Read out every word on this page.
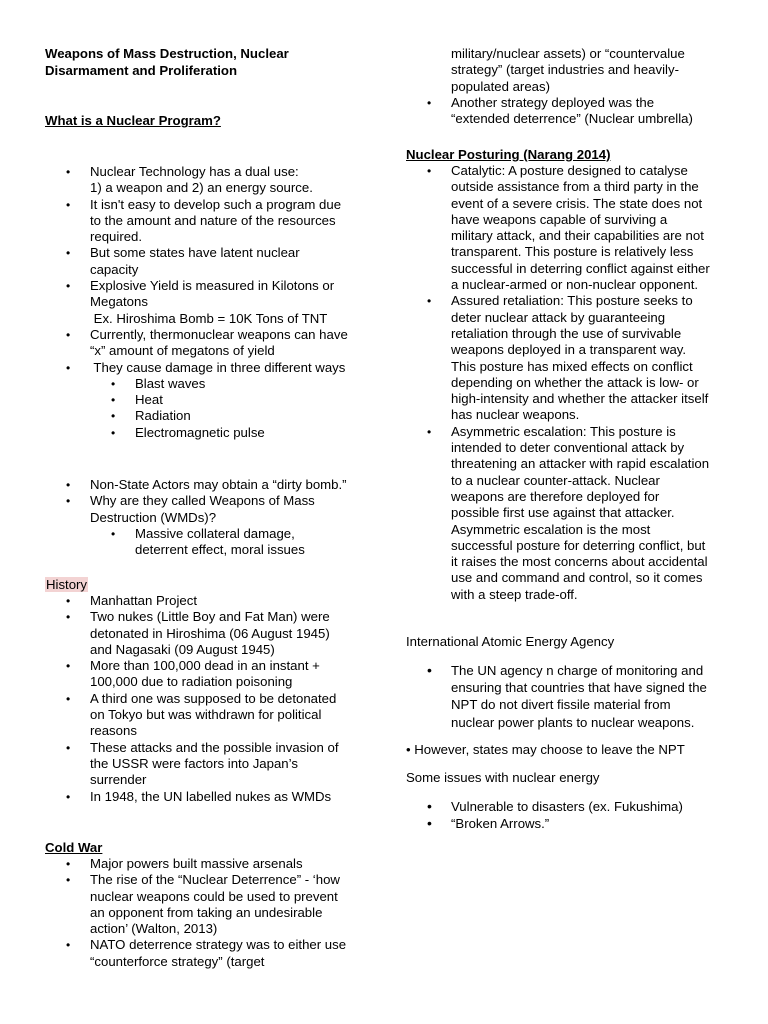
Weapons of Mass Destruction, Nuclear
Disarmament and Proliferation
What is a Nuclear Program?
• Nuclear Technology has a dual use:
1) a weapon and 2) an energy source.
• It isn't easy to develop such a program due
to the amount and nature of the resources
required.
• But some states have latent nuclear
capacity
• Explosive Yield is measured in Kilotons or
Megatons
Ex. Hiroshima Bomb = 10K Tons of TNT
• Currently, thermonuclear weapons can have
“x” amount of megatons of yield
•  They cause damage in three different ways
• Blast waves
• Heat
• Radiation
• Electromagnetic pulse
• Non-State Actors may obtain a “dirty bomb.”
• Why are they called Weapons of Mass
Destruction (WMDs)?
• Massive collateral damage,
deterrent effect, moral issues
History
• Manhattan Project
• Two nukes (Little Boy and Fat Man) were
detonated in Hiroshima (06 August 1945)
and Nagasaki (09 August 1945)
• More than 100,000 dead in an instant +
100,000 due to radiation poisoning
• A third one was supposed to be detonated
on Tokyo but was withdrawn for political
reasons
• These attacks and the possible invasion of
the USSR were factors into Japan’s
surrender
• In 1948, the UN labelled nukes as WMDs
Cold War
• Major powers built massive arsenals
• The rise of the “Nuclear Deterrence” - ‘how
nuclear weapons could be used to prevent
an opponent from taking an undesirable
action’ (Walton, 2013)
• NATO deterrence strategy was to either use
“counterforce strategy” (target
military/nuclear assets) or “countervalue
strategy” (target industries and heavily-
populated areas)
• Another strategy deployed was the
“extended deterrence” (Nuclear umbrella)
Nuclear Posturing (Narang 2014)
• Catalytic: A posture designed to catalyse
outside assistance from a third party in the
event of a severe crisis. The state does not
have weapons capable of surviving a
military attack, and their capabilities are not
transparent. This posture is relatively less
successful in deterring conflict against either
a nuclear-armed or non-nuclear opponent.
• Assured retaliation: This posture seeks to
deter nuclear attack by guaranteeing
retaliation through the use of survivable
weapons deployed in a transparent way.
This posture has mixed effects on conflict
depending on whether the attack is low- or
high-intensity and whether the attacker itself
has nuclear weapons.
• Asymmetric escalation: This posture is
intended to deter conventional attack by
threatening an attacker with rapid escalation
to a nuclear counter-attack. Nuclear
weapons are therefore deployed for
possible first use against that attacker.
Asymmetric escalation is the most
successful posture for deterring conflict, but
it raises the most concerns about accidental
use and command and control, so it comes
with a steep trade-off.
International Atomic Energy Agency
• The UN agency n charge of monitoring and
ensuring that countries that have signed the
NPT do not divert fissile material from
nuclear power plants to nuclear weapons.
• However, states may choose to leave the NPT
Some issues with nuclear energy
• Vulnerable to disasters (ex. Fukushima)
• “Broken Arrows.”
